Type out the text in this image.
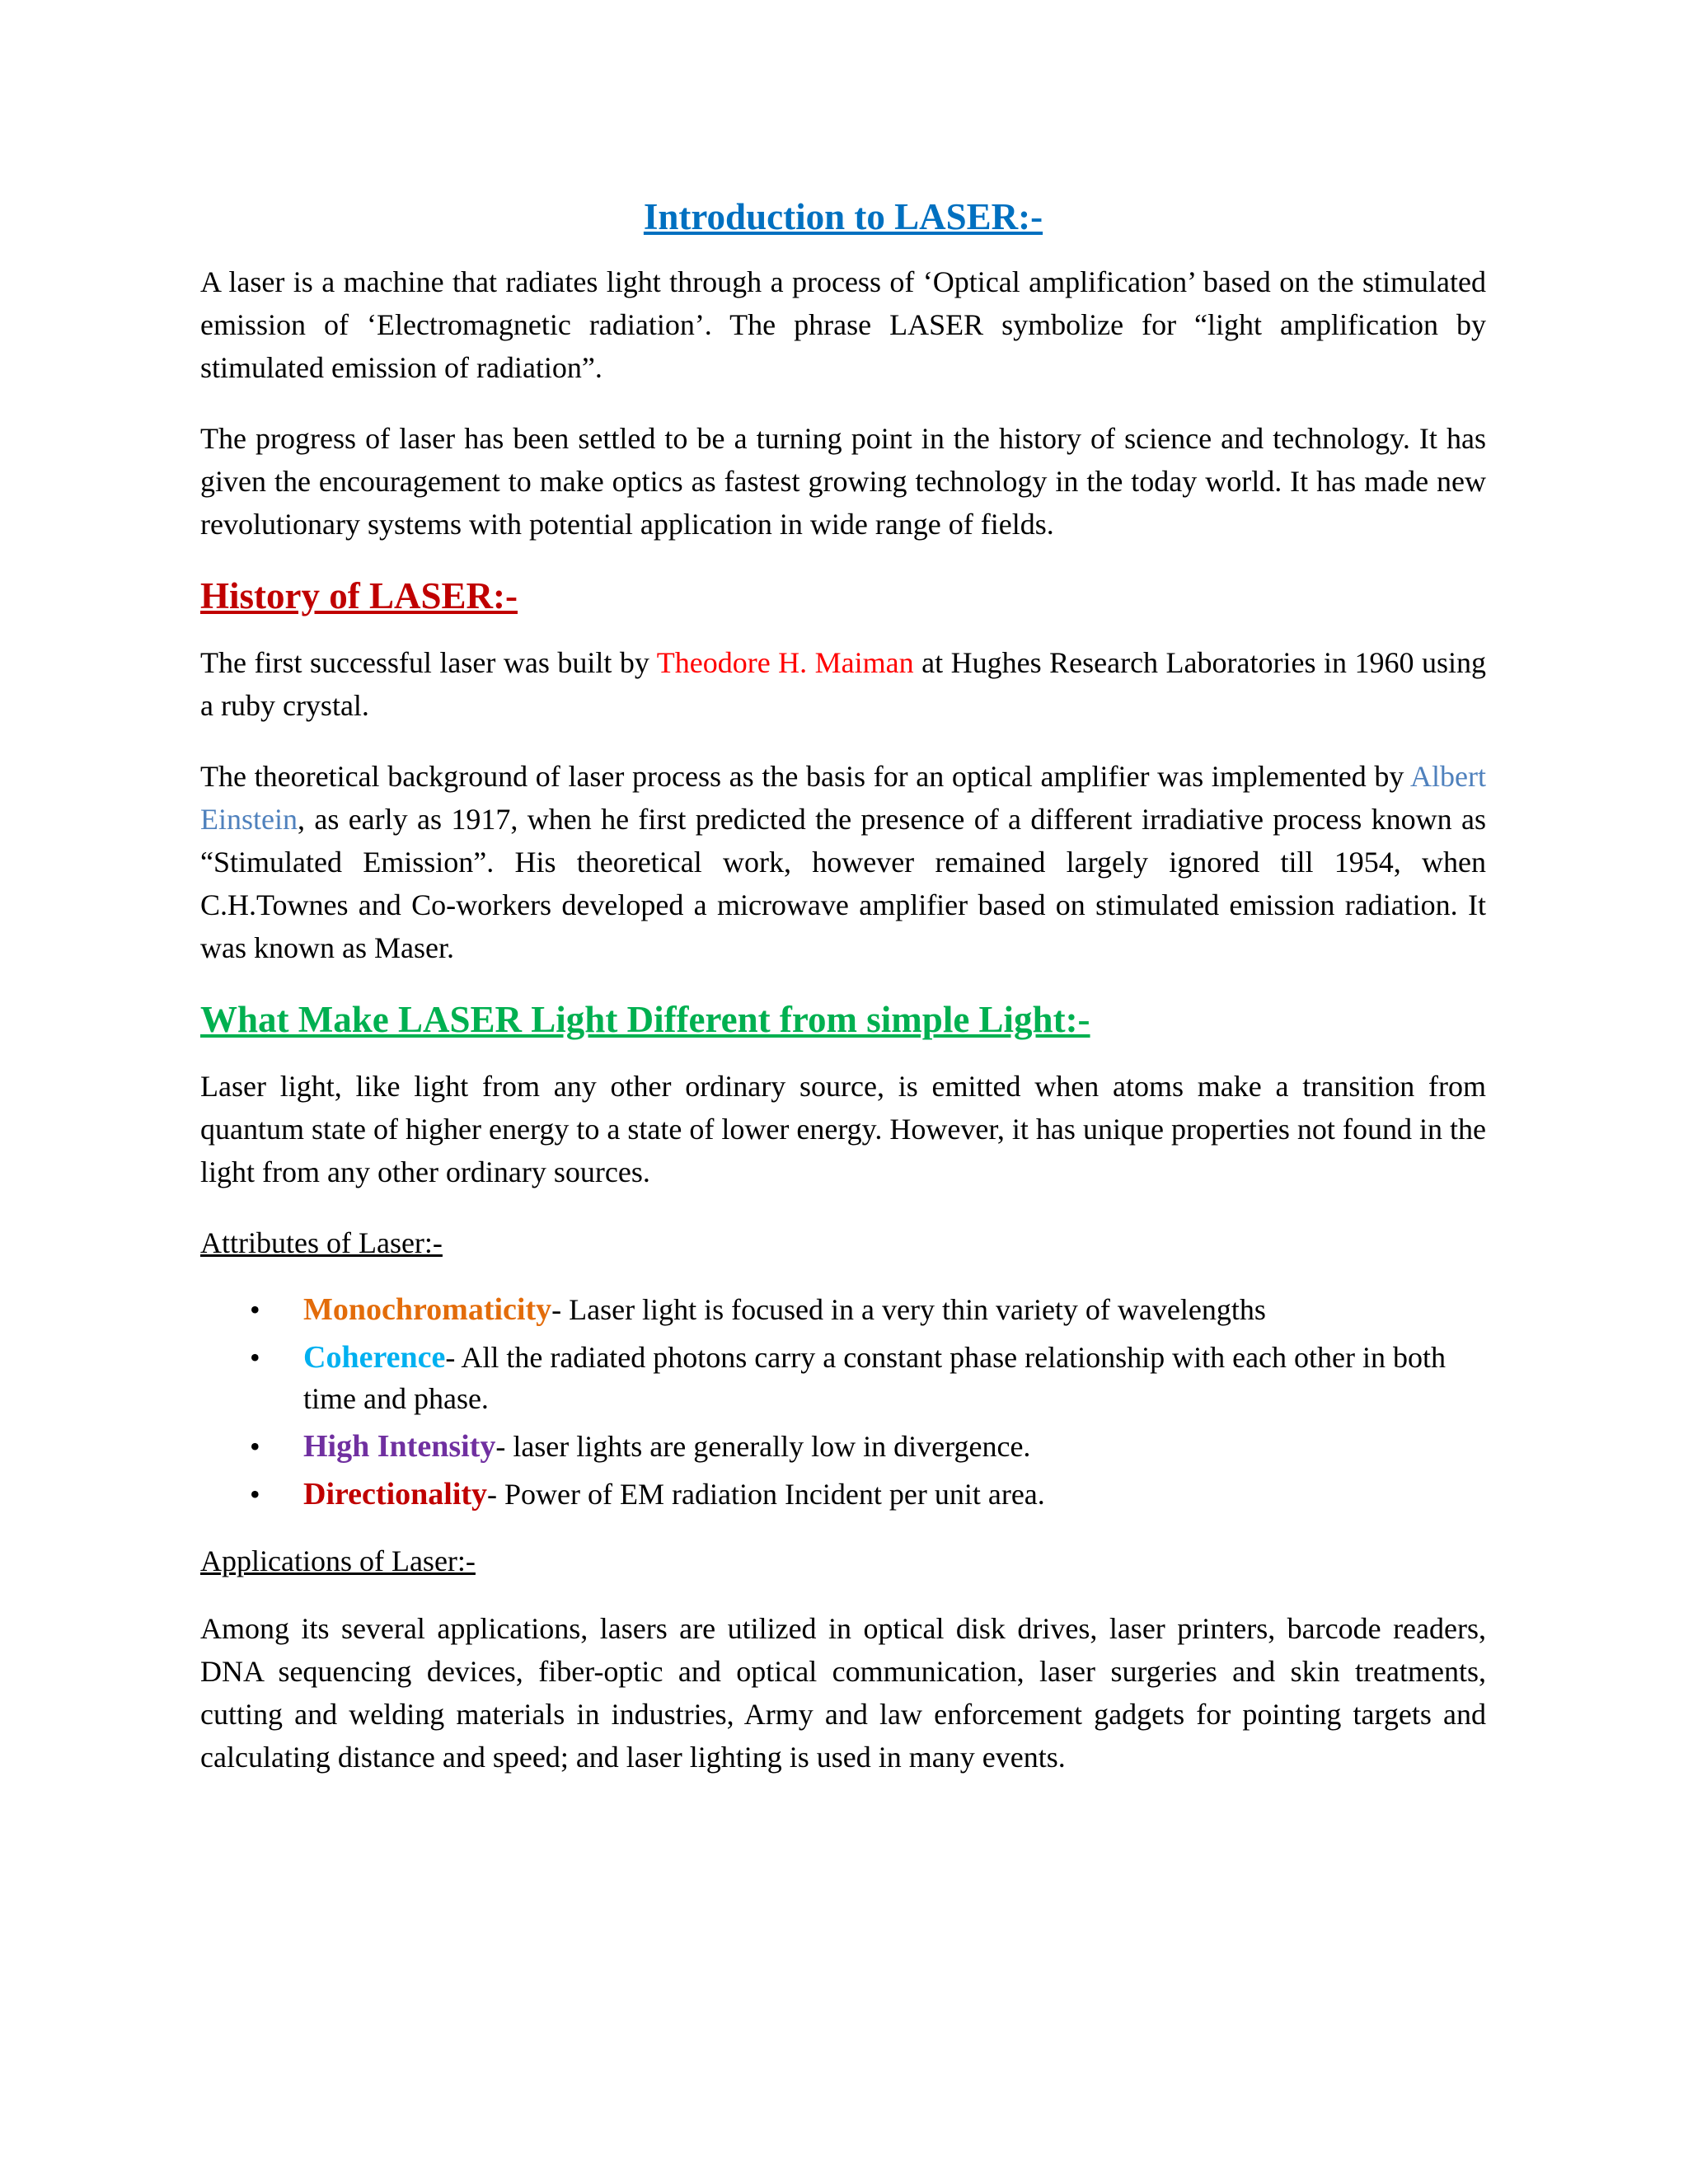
Introduction to LASER:-

A laser is a machine that radiates light through a process of ‘Optical amplification’ based on the stimulated emission of ‘Electromagnetic radiation’. The phrase LASER symbolize for “light amplification by stimulated emission of radiation”.

The progress of laser has been settled to be a turning point in the history of science and technology. It has given the encouragement to make optics as fastest growing technology in the today world. It has made new revolutionary systems with potential application in wide range of fields.

History of LASER:-

The first successful laser was built by Theodore H. Maiman at Hughes Research Laboratories in 1960 using a ruby crystal.

The theoretical background of laser process as the basis for an optical amplifier was implemented by Albert Einstein, as early as 1917, when he first predicted the presence of a different irradiative process known as “Stimulated Emission”. His theoretical work, however remained largely ignored till 1954, when C.H.Townes and Co-workers developed a microwave amplifier based on stimulated emission radiation. It was known as Maser.

What Make LASER Light Different from simple Light:-

Laser light, like light from any other ordinary source, is emitted when atoms make a transition from quantum state of higher energy to a state of lower energy. However, it has unique properties not found in the light from any other ordinary sources.

Attributes of Laser:-
• Monochromaticity- Laser light is focused in a very thin variety of wavelengths
• Coherence- All the radiated photons carry a constant phase relationship with each other in both time and phase.
• High Intensity- laser lights are generally low in divergence.
• Directionality- Power of EM radiation Incident per unit area.
Applications of Laser:-

Among its several applications, lasers are utilized in optical disk drives, laser printers, barcode readers, DNA sequencing devices, fiber-optic and optical communication, laser surgeries and skin treatments, cutting and welding materials in industries, Army and law enforcement gadgets for pointing targets and calculating distance and speed; and laser lighting is used in many events.
